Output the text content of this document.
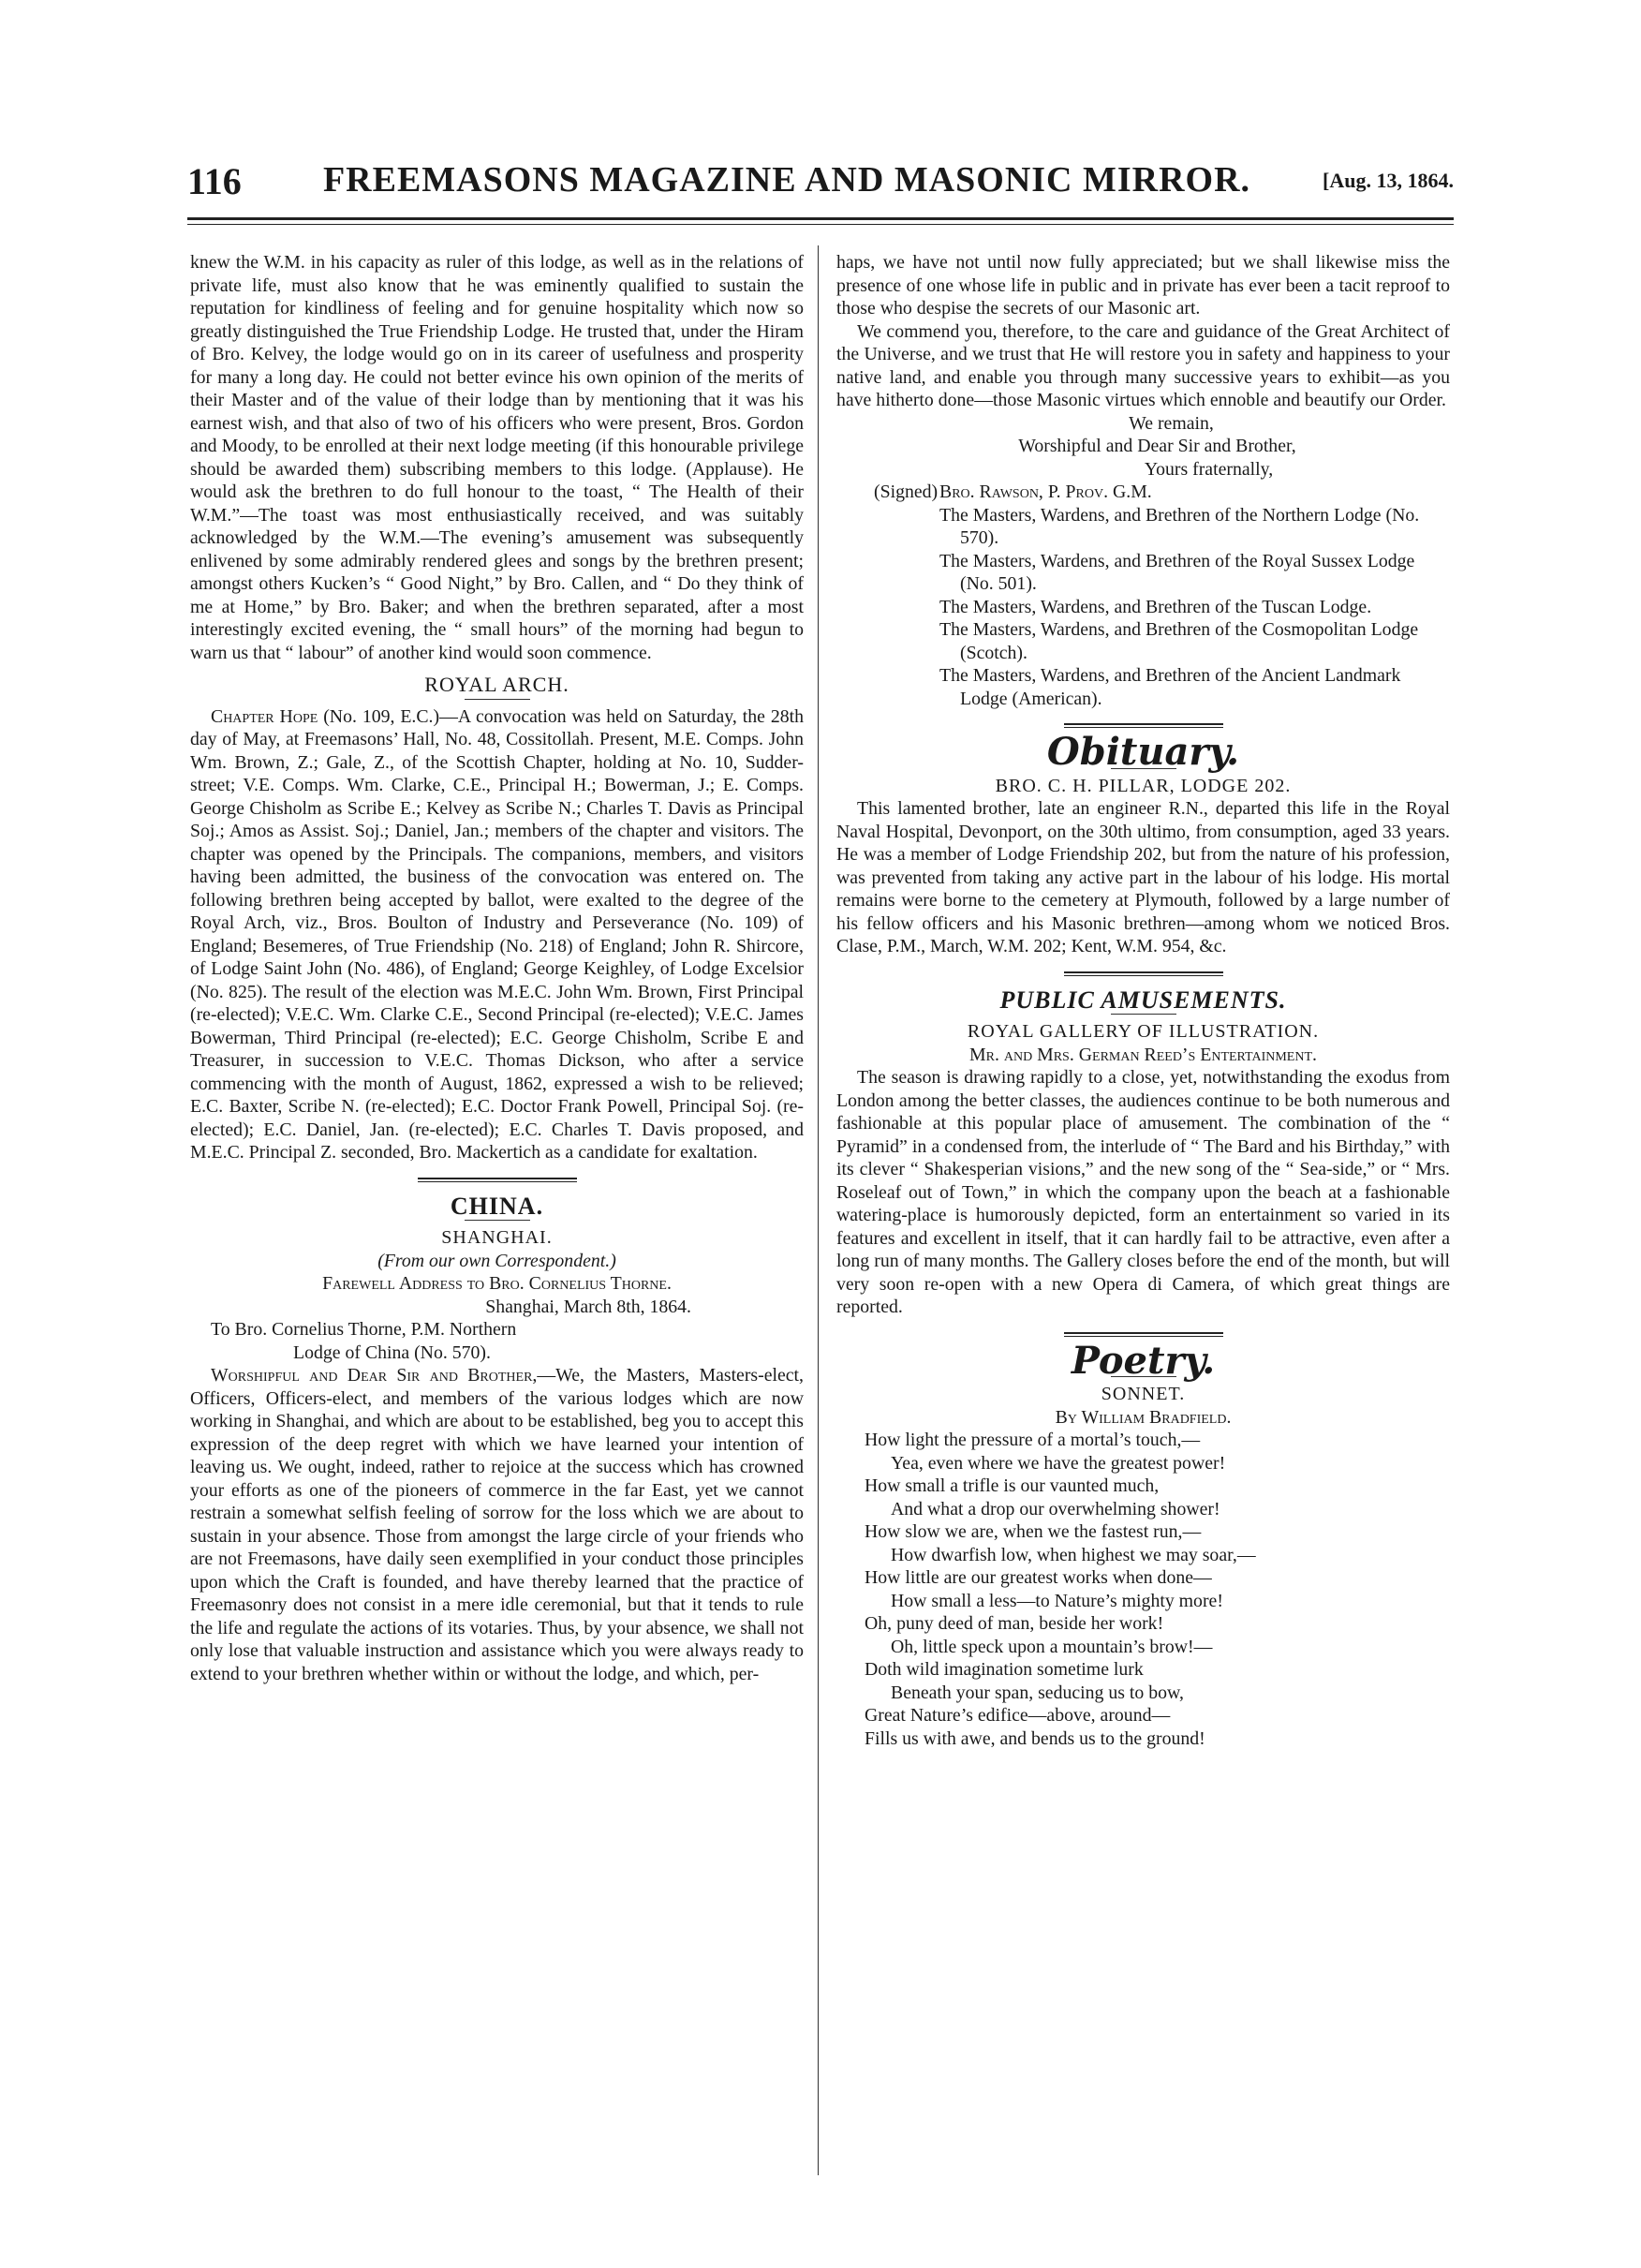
116	FREEMASONS MAGAZINE AND MASONIC MIRROR.	[Aug. 13, 1864.

knew the W.M. in his capacity as ruler of this lodge, as well as in the relations of private life, must also know that he was eminently qualified to sustain the reputation for kindliness of feeling and for genuine hospitality which now so greatly distinguished the True Friendship Lodge. He trusted that, under the Hiram of Bro. Kelvey, the lodge would go on in its career of usefulness and prosperity for many a long day. He could not better evince his own opinion of the merits of their Master and of the value of their lodge than by mentioning that it was his earnest wish, and that also of two of his officers who were present, Bros. Gordon and Moody, to be enrolled at their next lodge meeting (if this honourable privilege should be awarded them) subscribing members to this lodge. (Applause). He would ask the brethren to do full honour to the toast, “ The Health of their W.M.”—The toast was most enthusiastically received, and was suitably acknowledged by the W.M.—The evening’s amusement was subsequently enlivened by some admirably rendered glees and songs by the brethren present; amongst others Kucken’s “ Good Night,” by Bro. Callen, and “ Do they think of me at Home,” by Bro. Baker; and when the brethren separated, after a most interestingly excited evening, the “ small hours” of the morning had begun to warn us that “ labour” of another kind would soon commence.

ROYAL ARCH.

Chapter Hope (No. 109, E.C.)—A convocation was held on Saturday, the 28th day of May, at Freemasons’ Hall, No. 48, Cossitollah. Present, M.E. Comps. John Wm. Brown, Z.; Gale, Z., of the Scottish Chapter, holding at No. 10, Sudder-street; V.E. Comps. Wm. Clarke, C.E., Principal H.; Bowerman, J.; E. Comps. George Chisholm as Scribe E.; Kelvey as Scribe N.; Charles T. Davis as Principal Soj.; Amos as Assist. Soj.; Daniel, Jan.; members of the chapter and visitors. The chapter was opened by the Principals. The companions, members, and visitors having been admitted, the business of the convocation was entered on. The following brethren being accepted by ballot, were exalted to the degree of the Royal Arch, viz., Bros. Boulton of Industry and Perseverance (No. 109) of England; Besemeres, of True Friendship (No. 218) of England; John R. Shircore, of Lodge Saint John (No. 486), of England; George Keighley, of Lodge Excelsior (No. 825). The result of the election was M.E.C. John Wm. Brown, First Principal (re-elected); V.E.C. Wm. Clarke C.E., Second Principal (re-elected); V.E.C. James Bowerman, Third Principal (re-elected); E.C. George Chisholm, Scribe E and Treasurer, in succession to V.E.C. Thomas Dickson, who after a service commencing with the month of August, 1862, expressed a wish to be relieved; E.C. Baxter, Scribe N. (re-elected); E.C. Doctor Frank Powell, Principal Soj. (re-elected); E.C. Daniel, Jan. (re-elected); E.C. Charles T. Davis proposed, and M.E.C. Principal Z. seconded, Bro. Mackertich as a candidate for exaltation.

CHINA.
SHANGHAI.
(From our own Correspondent.)
Farewell Address to Bro. Cornelius Thorne.
Shanghai, March 8th, 1864.
To Bro. Cornelius Thorne, P.M. Northern
Lodge of China (No. 570).

Worshipful and Dear Sir and Brother,—We, the Masters, Masters-elect, Officers, Officers-elect, and members of the various lodges which are now working in Shanghai, and which are about to be established, beg you to accept this expression of the deep regret with which we have learned your intention of leaving us. We ought, indeed, rather to rejoice at the success which has crowned your efforts as one of the pioneers of commerce in the far East, yet we cannot restrain a somewhat selfish feeling of sorrow for the loss which we are about to sustain in your absence. Those from amongst the large circle of your friends who are not Freemasons, have daily seen exemplified in your conduct those principles upon which the Craft is founded, and have thereby learned that the practice of Freemasonry does not consist in a mere idle ceremonial, but that it tends to rule the life and regulate the actions of its votaries. Thus, by your absence, we shall not only lose that valuable instruction and assistance which you were always ready to extend to your brethren whether within or without the lodge, and which, per-

haps, we have not until now fully appreciated; but we shall likewise miss the presence of one whose life in public and in private has ever been a tacit reproof to those who despise the secrets of our Masonic art.

We commend you, therefore, to the care and guidance of the Great Architect of the Universe, and we trust that He will restore you in safety and happiness to your native land, and enable you through many successive years to exhibit—as you have hitherto done—those Masonic virtues which ennoble and beautify our Order.

We remain,
Worshipful and Dear Sir and Brother,
Yours fraternally,
(Signed) Bro. Rawson, P. Prov. G.M.
The Masters, Wardens, and Brethren of the Northern Lodge (No. 570).
The Masters, Wardens, and Brethren of the Royal Sussex Lodge (No. 501).
The Masters, Wardens, and Brethren of the Tuscan Lodge.
The Masters, Wardens, and Brethren of the Cosmopolitan Lodge (Scotch).
The Masters, Wardens, and Brethren of the Ancient Landmark Lodge (American).
Obituary.
BRO. C. H. PILLAR, LODGE 202.

This lamented brother, late an engineer R.N., departed this life in the Royal Naval Hospital, Devonport, on the 30th ultimo, from consumption, aged 33 years. He was a member of Lodge Friendship 202, but from the nature of his profession, was prevented from taking any active part in the labour of his lodge. His mortal remains were borne to the cemetery at Plymouth, followed by a large number of his fellow officers and his Masonic brethren—among whom we noticed Bros. Clase, P.M., March, W.M. 202; Kent, W.M. 954, &c.

PUBLIC AMUSEMENTS.
ROYAL GALLERY OF ILLUSTRATION.
Mr. and Mrs. German Reed’s Entertainment.

The season is drawing rapidly to a close, yet, notwithstanding the exodus from London among the better classes, the audiences continue to be both numerous and fashionable at this popular place of amusement. The combination of the “ Pyramid” in a condensed from, the interlude of “ The Bard and his Birthday,” with its clever “ Shakesperian visions,” and the new song of the “ Sea-side,” or “ Mrs. Roseleaf out of Town,” in which the company upon the beach at a fashionable watering-place is humorously depicted, form an entertainment so varied in its features and excellent in itself, that it can hardly fail to be attractive, even after a long run of many months. The Gallery closes before the end of the month, but will very soon re-open with a new Opera di Camera, of which great things are reported.

Poetry.
SONNET.
By William Bradfield.
How light the pressure of a mortal’s touch,—
Yea, even where we have the greatest power!
How small a trifle is our vaunted much,
And what a drop our overwhelming shower!
How slow we are, when we the fastest run,—
How dwarfish low, when highest we may soar,—
How little are our greatest works when done—
How small a less—to Nature’s mighty more!
Oh, puny deed of man, beside her work!
Oh, little speck upon a mountain’s brow!—
Doth wild imagination sometime lurk
Beneath your span, seducing us to bow,
Great Nature’s edifice—above, around—
Fills us with awe, and bends us to the ground!
